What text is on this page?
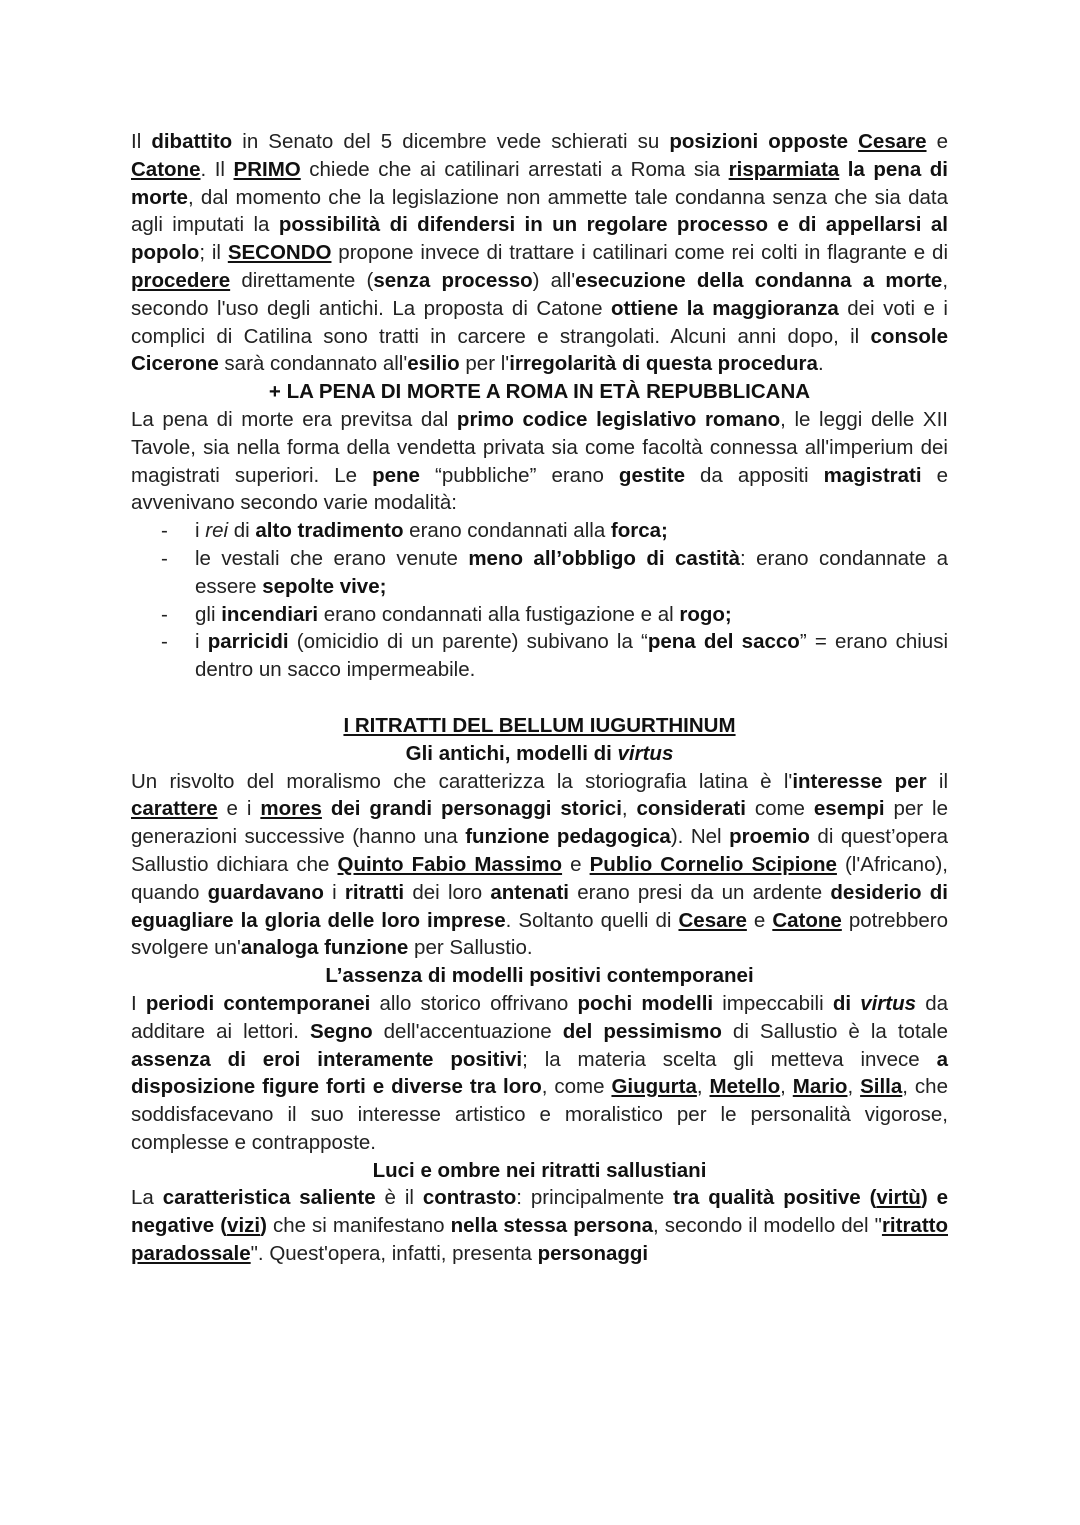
Il dibattito in Senato del 5 dicembre vede schierati su posizioni opposte Cesare e Catone. Il PRIMO chiede che ai catilinari arrestati a Roma sia risparmiata la pena di morte, dal momento che la legislazione non ammette tale condanna senza che sia data agli imputati la possibilità di difendersi in un regolare processo e di appellarsi al popolo; il SECONDO propone invece di trattare i catilinari come rei colti in flagrante e di procedere direttamente (senza processo) all'esecuzione della condanna a morte, secondo l'uso degli antichi. La proposta di Catone ottiene la maggioranza dei voti e i complici di Catilina sono tratti in carcere e strangolati. Alcuni anni dopo, il console Cicerone sarà condannato all'esilio per l'irregolarità di questa procedura.

+ LA PENA DI MORTE A ROMA IN ETÀ REPUBBLICANA

La pena di morte era previtsa dal primo codice legislativo romano, le leggi delle XII Tavole, sia nella forma della vendetta privata sia come facoltà connessa all'imperium dei magistrati superiori. Le pene “pubbliche” erano gestite da appositi magistrati e avvenivano secondo varie modalità:

- i rei di alto tradimento erano condannati alla forca;
- le vestali che erano venute meno all’obbligo di castità: erano condannate a essere sepolte vive;
- gli incendiari erano condannati alla fustigazione e al rogo;
- i parricidi (omicidio di un parente) subivano la “pena del sacco” = erano chiusi dentro un sacco impermeabile.
I RITRATTI DEL BELLUM IUGURTHINUM
Gli antichi, modelli di virtus

Un risvolto del moralismo che caratterizza la storiografia latina è l'interesse per il carattere e i mores dei grandi personaggi storici, considerati come esempi per le generazioni successive (hanno una funzione pedagogica). Nel proemio di quest’opera Sallustio dichiara che Quinto Fabio Massimo e Publio Cornelio Scipione (l'Africano), quando guardavano i ritratti dei loro antenati erano presi da un ardente desiderio di eguagliare la gloria delle loro imprese. Soltanto quelli di Cesare e Catone potrebbero svolgere un'analoga funzione per Sallustio.

L’assenza di modelli positivi contemporanei

I periodi contemporanei allo storico offrivano pochi modelli impeccabili di virtus da additare ai lettori. Segno dell'accentuazione del pessimismo di Sallustio è la totale assenza di eroi interamente positivi; la materia scelta gli metteva invece a disposizione figure forti e diverse tra loro, come Giugurta, Metello, Mario, Silla, che soddisfacevano il suo interesse artistico e moralistico per le personalità vigorose, complesse e contrapposte.

Luci e ombre nei ritratti sallustiani

La caratteristica saliente è il contrasto: principalmente tra qualità positive (virtù) e negative (vizi) che si manifestano nella stessa persona, secondo il modello del "ritratto paradossale". Quest'opera, infatti, presenta personaggi
